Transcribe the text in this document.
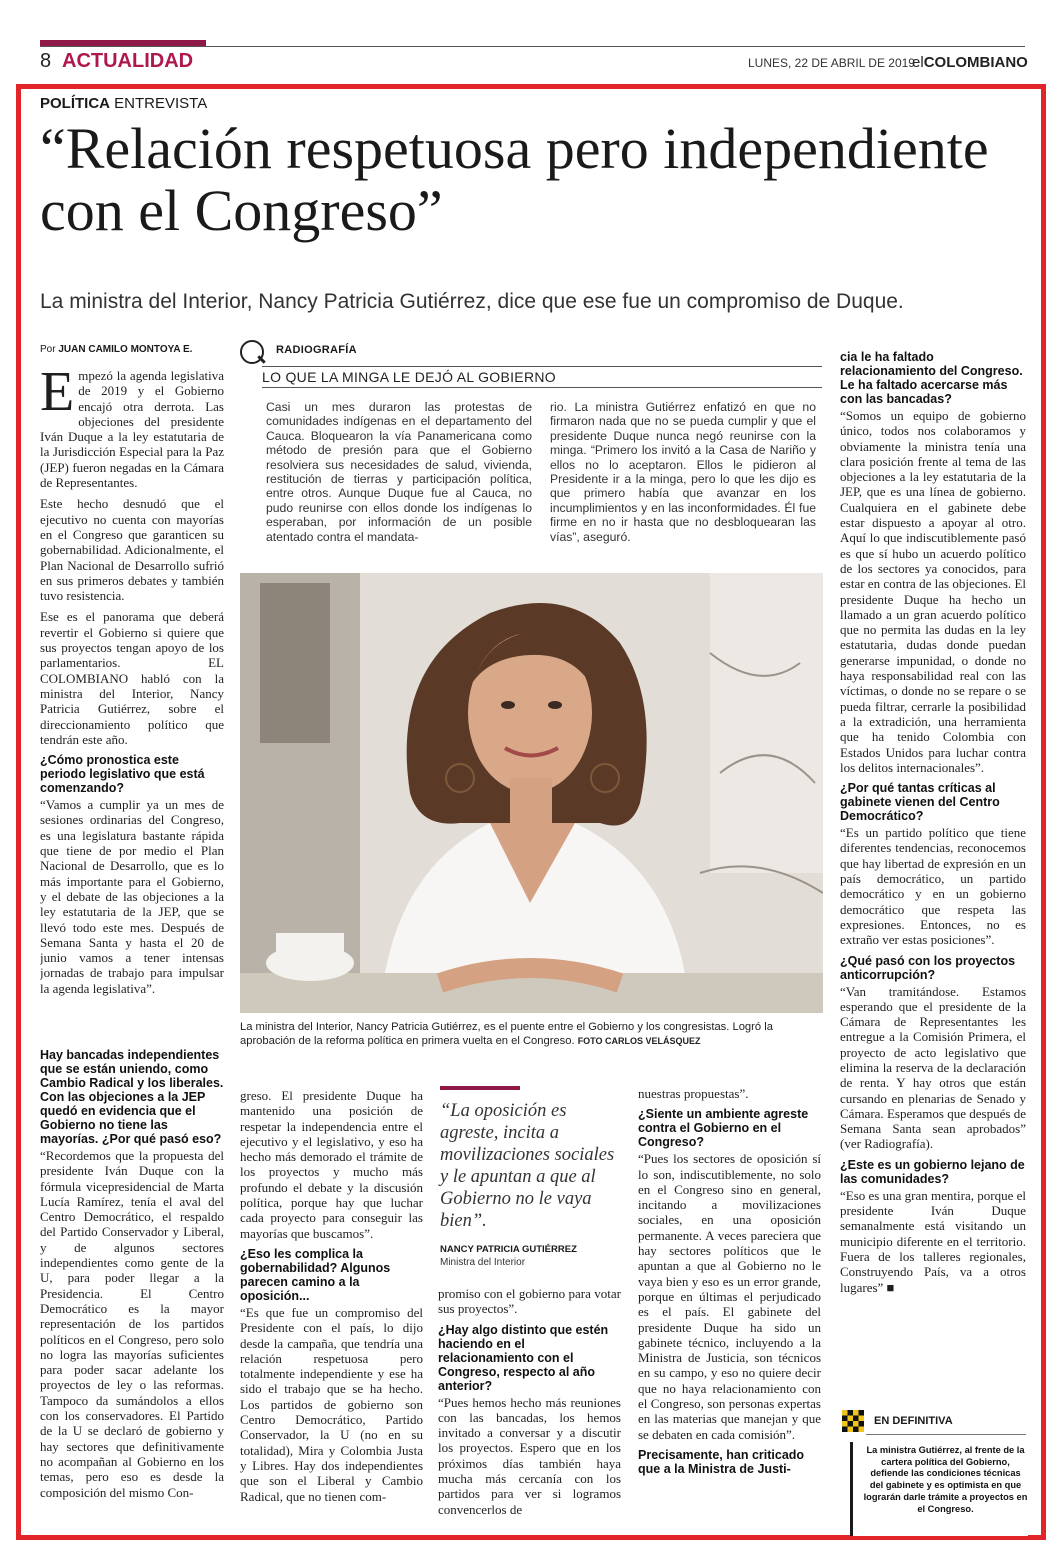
8 ACTUALIDAD	LUNES, 22 DE ABRIL DE 2019
elCOLOMBIANO
POLÍTICA ENTREVISTA
“Relación respetuosa pero independiente con el Congreso”
La ministra del Interior, Nancy Patricia Gutiérrez, dice que ese fue un compromiso de Duque.
Por JUAN CAMILO MONTOYA E.

Empezó la agenda legislativa de 2019 y el Gobierno encajó otra derrota. Las objeciones del presidente Iván Duque a la ley estatutaria de la Jurisdicción Especial para la Paz (JEP) fueron negadas en la Cámara de Representantes.

Este hecho desnudó que el ejecutivo no cuenta con mayorías en el Congreso que garanticen su gobernabilidad. Adicionalmente, el Plan Nacional de Desarrollo sufrió en sus primeros debates y también tuvo resistencia.

Ese es el panorama que deberá revertir el Gobierno si quiere que sus proyectos tengan apoyo de los parlamentarios. EL COLOMBIANO habló con la ministra del Interior, Nancy Patricia Gutiérrez, sobre el direccionamiento político que tendrán este año.

¿Cómo pronostica este periodo legislativo que está comenzando?

“Vamos a cumplir ya un mes de sesiones ordinarias del Congreso, es una legislatura bastante rápida que tiene de por medio el Plan Nacional de Desarrollo, que es lo más importante para el Gobierno, y el debate de las objeciones a la ley estatutaria de la JEP, que se llevó todo este mes. Después de Semana Santa y hasta el 20 de junio vamos a tener intensas jornadas de trabajo para impulsar la agenda legislativa”.

Hay bancadas independientes que se están uniendo, como Cambio Radical y los liberales. Con las objeciones a la JEP quedó en evidencia que el Gobierno no tiene las mayorías. ¿Por qué pasó eso?

“Recordemos que la propuesta del presidente Iván Duque con la fórmula vicepresidencial de Marta Lucía Ramírez, tenía el aval del Centro Democrático, el respaldo del Partido Conservador y Liberal, y de algunos sectores independientes como gente de la U, para poder llegar a la Presidencia. El Centro Democrático es la mayor representación de los partidos políticos en el Congreso, pero solo no logra las mayorías suficientes para poder sacar adelante los proyectos de ley o las reformas. Tampoco da sumándolos a ellos con los conservadores. El Partido de la U se declaró de gobierno y hay sectores que definitivamente no acompañan al Gobierno en los temas, pero eso es desde la composición del mismo Con-

greso. El presidente Duque ha mantenido una posición de respetar la independencia entre el ejecutivo y el legislativo, y eso ha hecho más demorado el trámite de los proyectos y mucho más profundo el debate y la discusión política, porque hay que luchar cada proyecto para conseguir las mayorías que buscamos”.

¿Eso les complica la gobernabilidad? Algunos parecen camino a la oposición...

“Es que fue un compromiso del Presidente con el país, lo dijo desde la campaña, que tendría una relación respetuosa pero totalmente independiente y ese ha sido el trabajo que se ha hecho. Los partidos de gobierno son Centro Democrático, Partido Conservador, la U (no en su totalidad), Mira y Colombia Justa y Libres. Hay dos independientes que son el Liberal y Cambio Radical, que no tienen com-

promiso con el gobierno para votar sus proyectos”.

¿Hay algo distinto que estén haciendo en el relacionamiento con el Congreso, respecto al año anterior?

“Pues hemos hecho más reuniones con las bancadas, los hemos invitado a conversar y a discutir los proyectos. Espero que en los próximos días también haya mucha más cercanía con los partidos para ver si logramos convencerlos de

nuestras propuestas”.

¿Siente un ambiente agreste contra el Gobierno en el Congreso?

“Pues los sectores de oposición sí lo son, indiscutiblemente, no solo en el Congreso sino en general, incitando a movilizaciones sociales, en una oposición permanente. A veces pareciera que hay sectores políticos que le apuntan a que al Gobierno no le vaya bien y eso es un error grande, porque en últimas el perjudicado es el país. El gabinete del presidente Duque ha sido un gabinete técnico, incluyendo a la Ministra de Justicia, son técnicos en su campo, y eso no quiere decir que no haya relacionamiento con el Congreso, son personas expertas en las materias que manejan y que se debaten en cada comisión”.

Precisamente, han criticado que a la Ministra de Justi-

cia le ha faltado relacionamiento del Congreso. Le ha faltado acercarse más con las bancadas?

“Somos un equipo de gobierno único, todos nos colaboramos y obviamente la ministra tenía una clara posición frente al tema de las objeciones a la ley estatutaria de la JEP, que es una línea de gobierno. Cualquiera en el gabinete debe estar dispuesto a apoyar al otro. Aquí lo que indiscutiblemente pasó es que sí hubo un acuerdo político de los sectores ya conocidos, para estar en contra de las objeciones. El presidente Duque ha hecho un llamado a un gran acuerdo político que no permita las dudas en la ley estatutaria, dudas donde puedan generarse impunidad, o donde no haya responsabilidad real con las víctimas, o donde no se repare o se pueda filtrar, cerrarle la posibilidad a la extradición, una herramienta que ha tenido Colombia con Estados Unidos para luchar contra los delitos internacionales”.

¿Por qué tantas críticas al gabinete vienen del Centro Democrático?

“Es un partido político que tiene diferentes tendencias, reconocemos que hay libertad de expresión en un país democrático, un partido democrático y en un gobierno democrático que respeta las expresiones. Entonces, no es extraño ver estas posiciones”.

¿Qué pasó con los proyectos anticorrupción?

“Van tramitándose. Estamos esperando que el presidente de la Cámara de Representantes les entregue a la Comisión Primera, el proyecto de acto legislativo que elimina la reserva de la declaración de renta. Y hay otros que están cursando en plenarias de Senado y Cámara. Esperamos que después de Semana Santa sean aprobados” (ver Radiografía).

¿Este es un gobierno lejano de las comunidades?

“Eso es una gran mentira, porque el presidente Iván Duque semanalmente está visitando un municipio diferente en el territorio. Fuera de los talleres regionales, Construyendo País, va a otros lugares” ■

RADIOGRAFÍA
LO QUE LA MINGA LE DEJÓ AL GOBIERNO
Casi un mes duraron las protestas de comunidades indígenas en el departamento del Cauca. Bloquearon la vía Panamericana como método de presión para que el Gobierno resolviera sus necesidades de salud, vivienda, restitución de tierras y participación política, entre otros. Aunque Duque fue al Cauca, no pudo reunirse con ellos donde los indígenas lo esperaban, por información de un posible atentado contra el mandata-
rio. La ministra Gutiérrez enfatizó en que no firmaron nada que no se pueda cumplir y que el presidente Duque nunca negó reunirse con la minga. “Primero los invitó a la Casa de Nariño y ellos no lo aceptaron. Ellos le pidieron al Presidente ir a la minga, pero lo que les dijo es que primero había que avanzar en los incumplimientos y en las inconformidades. Él fue firme en no ir hasta que no desbloquearan las vías”, aseguró.
La ministra del Interior, Nancy Patricia Gutiérrez, es el puente entre el Gobierno y los congresistas. Logró la aprobación de la reforma política en primera vuelta en el Congreso. FOTO CARLOS VELÁSQUEZ
“La oposición es agreste, incita a movilizaciones sociales y le apuntan a que al Gobierno no le vaya bien”.
NANCY PATRICIA GUTIÉRREZ
Ministra del Interior
EN DEFINITIVA
La ministra Gutiérrez, al frente de la cartera política del Gobierno, defiende las condiciones técnicas del gabinete y es optimista en que lograrán darle trámite a proyectos en el Congreso.
